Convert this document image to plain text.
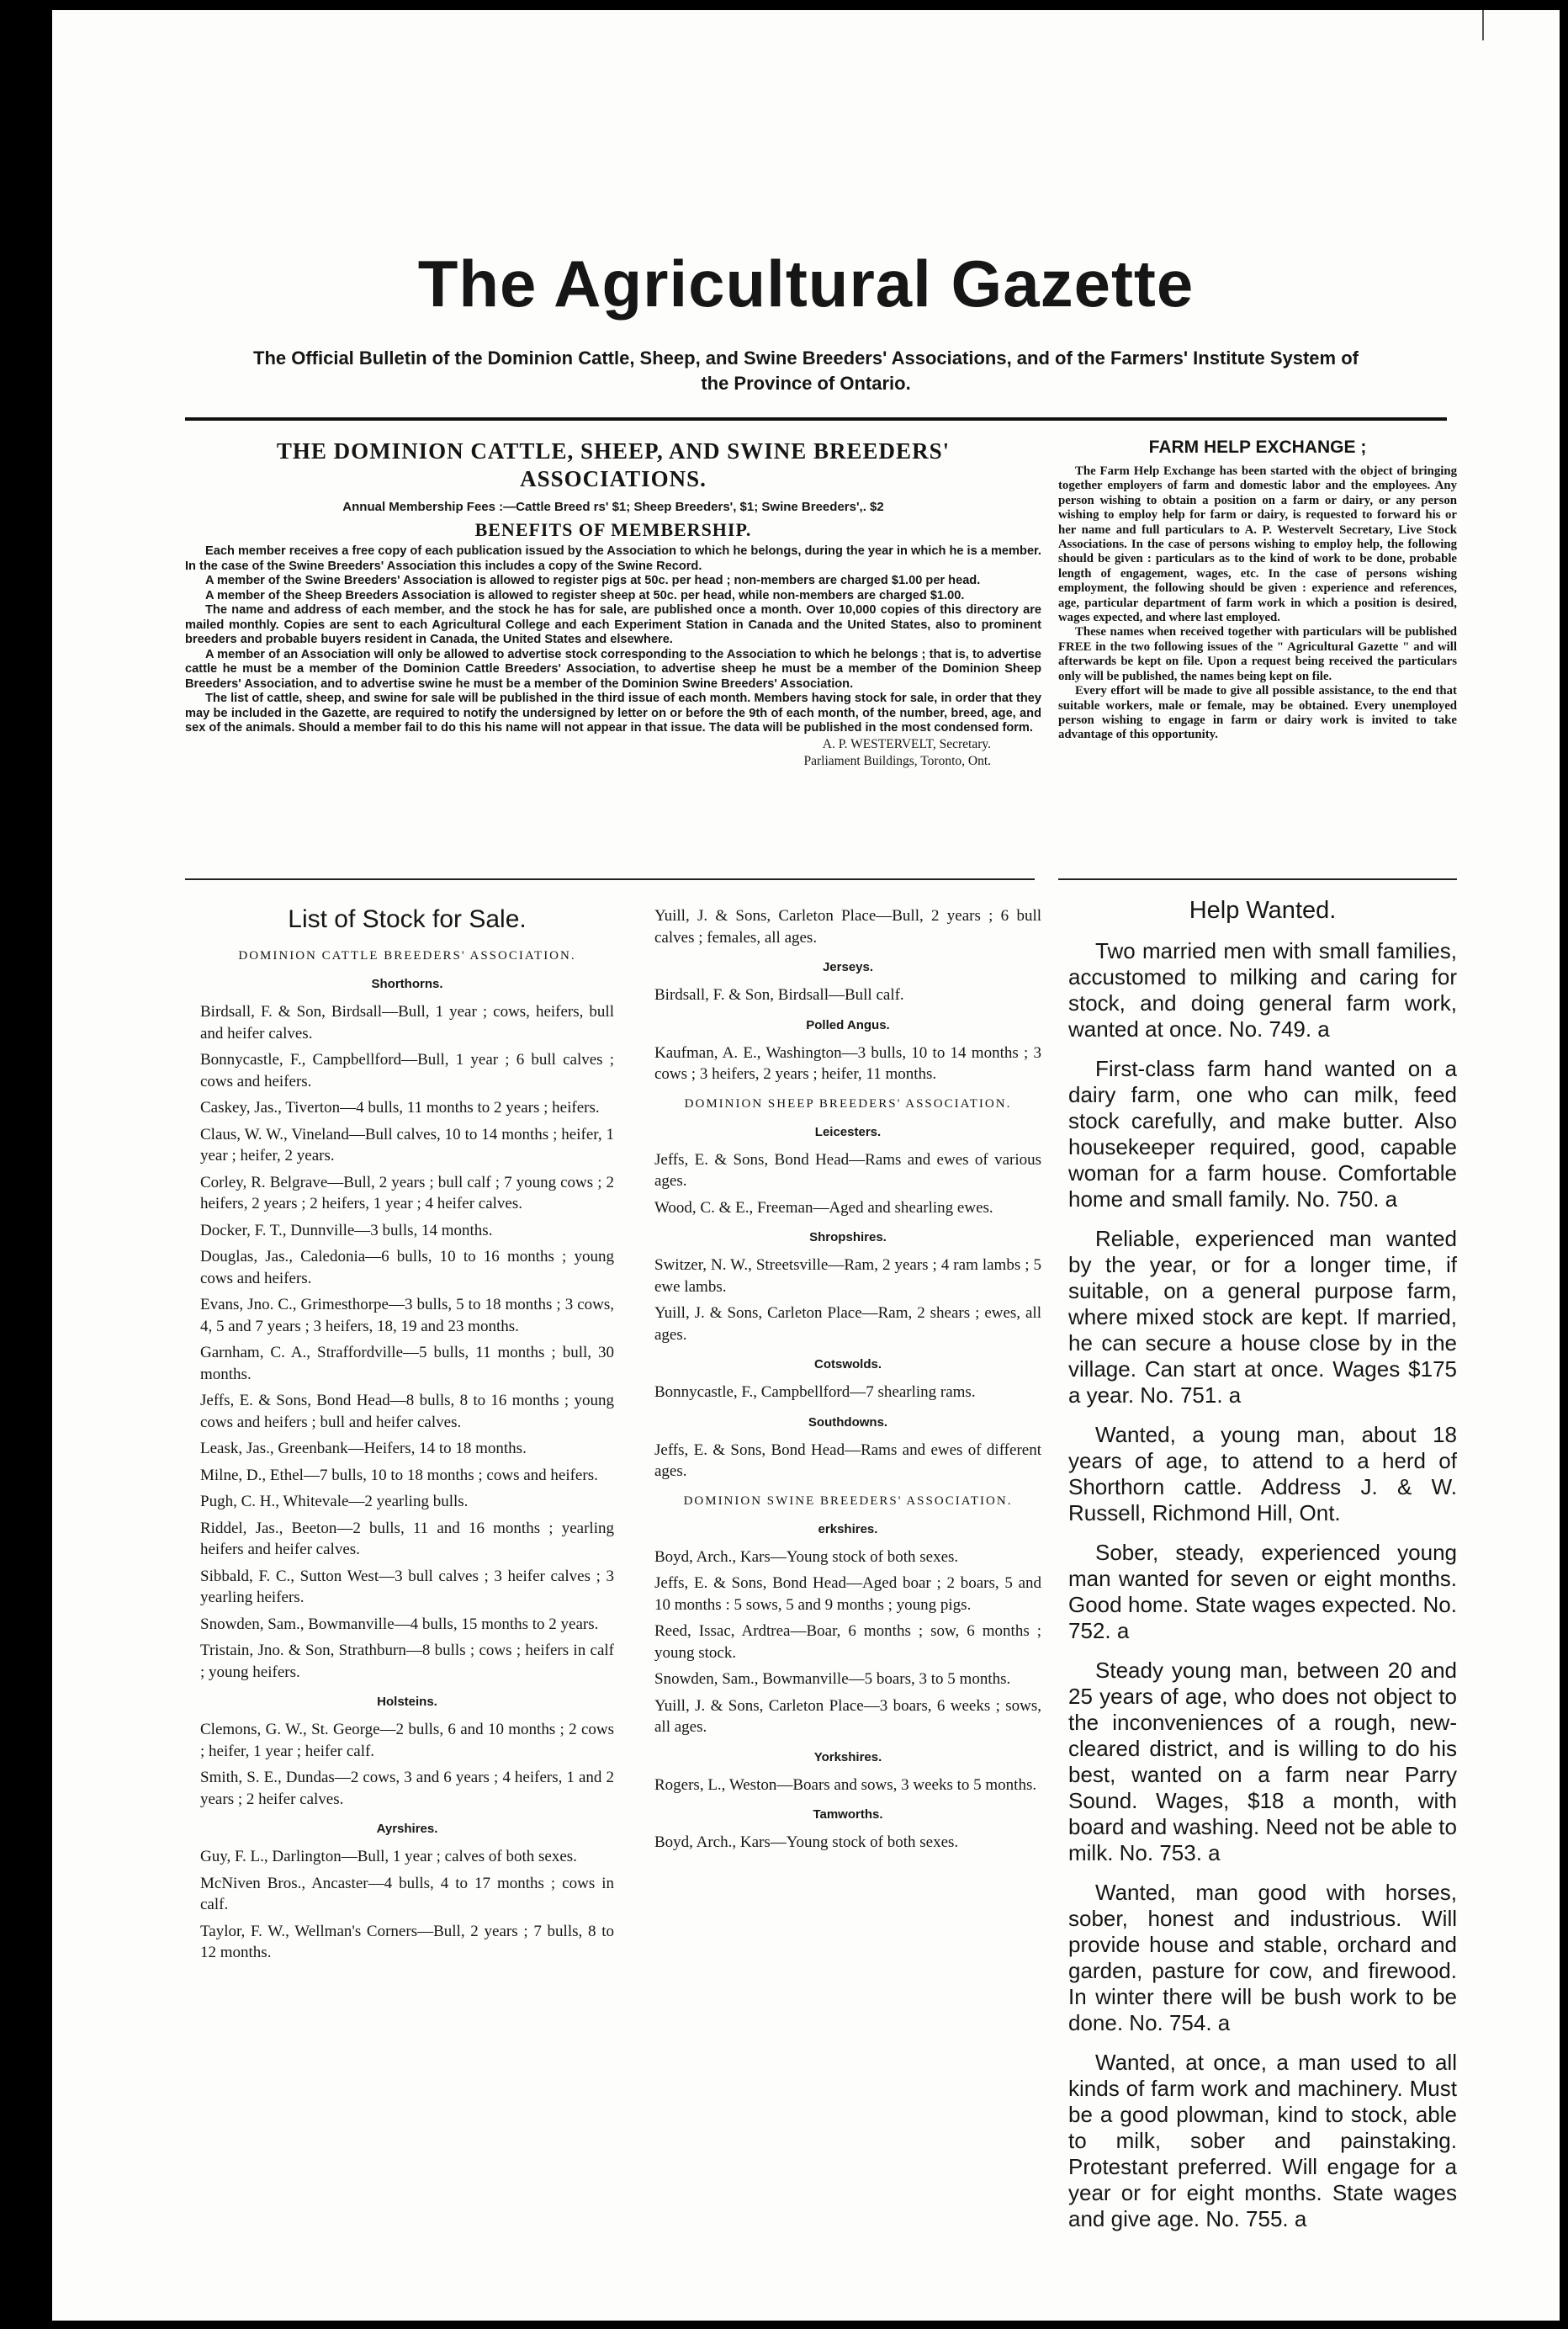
The Agricultural Gazette
The Official Bulletin of the Dominion Cattle, Sheep, and Swine Breeders' Associations, and of the Farmers' Institute System of the Province of Ontario.
THE DOMINION CATTLE, SHEEP, AND SWINE BREEDERS' ASSOCIATIONS.
Annual Membership Fees :—Cattle Breed rs' $1; Sheep Breeders', $1; Swine Breeders',. $2
BENEFITS OF MEMBERSHIP.

Each member receives a free copy of each publication issued by the Association to which he belongs, during the year in which he is a member. In the case of the Swine Breeders' Association this includes a copy of the Swine Record.

A member of the Swine Breeders' Association is allowed to register pigs at 50c. per head ; non-members are charged $1.00 per head.

A member of the Sheep Breeders Association is allowed to register sheep at 50c. per head, while non-members are charged $1.00.

The name and address of each member, and the stock he has for sale, are published once a month. Over 10,000 copies of this directory are mailed monthly. Copies are sent to each Agricultural College and each Experiment Station in Canada and the United States, also to prominent breeders and probable buyers resident in Canada, the United States and elsewhere.

A member of an Association will only be allowed to advertise stock corresponding to the Association to which he belongs ; that is, to advertise cattle he must be a member of the Dominion Cattle Breeders' Association, to advertise sheep he must be a member of the Dominion Sheep Breeders' Association, and to advertise swine he must be a member of the Dominion Swine Breeders' Association.

The list of cattle, sheep, and swine for sale will be published in the third issue of each month. Members having stock for sale, in order that they may be included in the Gazette, are required to notify the undersigned by letter on or before the 9th of each month, of the number, breed, age, and sex of the animals. Should a member fail to do this his name will not appear in that issue. The data will be published in the most condensed form.

A. P. WESTERVELT, Secretary.
Parliament Buildings, Toronto, Ont.
FARM HELP EXCHANGE ;

The Farm Help Exchange has been started with the object of bringing together employers of farm and domestic labor and the employees. Any person wishing to obtain a position on a farm or dairy, or any person wishing to employ help for farm or dairy, is requested to forward his or her name and full particulars to A. P. Westervelt Secretary, Live Stock Associations. In the case of persons wishing to employ help, the following should be given : particulars as to the kind of work to be done, probable length of engagement, wages, etc. In the case of persons wishing employment, the following should be given : experience and references, age, particular department of farm work in which a position is desired, wages expected, and where last employed.

These names when received together with particulars will be published FREE in the two following issues of the " Agricultural Gazette " and will afterwards be kept on file. Upon a request being received the particulars only will be published, the names being kept on file.

Every effort will be made to give all possible assistance, to the end that suitable workers, male or female, may be obtained. Every unemployed person wishing to engage in farm or dairy work is invited to take advantage of this opportunity.

List of Stock for Sale.
DOMINION CATTLE BREEDERS' ASSOCIATION.
Shorthorns.

Birdsall, F. & Son, Birdsall—Bull, 1 year ; cows, heifers, bull and heifer calves.

Bonnycastle, F., Campbellford—Bull, 1 year ; 6 bull calves ; cows and heifers.

Caskey, Jas., Tiverton—4 bulls, 11 months to 2 years ; heifers.

Claus, W. W., Vineland—Bull calves, 10 to 14 months ; heifer, 1 year ; heifer, 2 years.

Corley, R. Belgrave—Bull, 2 years ; bull calf ; 7 young cows ; 2 heifers, 2 years ; 2 heifers, 1 year ; 4 heifer calves.

Docker, F. T., Dunnville—3 bulls, 14 months.

Douglas, Jas., Caledonia—6 bulls, 10 to 16 months ; young cows and heifers.

Evans, Jno. C., Grimesthorpe—3 bulls, 5 to 18 months ; 3 cows, 4, 5 and 7 years ; 3 heifers, 18, 19 and 23 months.

Garnham, C. A., Straffordville—5 bulls, 11 months ; bull, 30 months.

Jeffs, E. & Sons, Bond Head—8 bulls, 8 to 16 months ; young cows and heifers ; bull and heifer calves.

Leask, Jas., Greenbank—Heifers, 14 to 18 months.

Milne, D., Ethel—7 bulls, 10 to 18 months ; cows and heifers.

Pugh, C. H., Whitevale—2 yearling bulls.

Riddel, Jas., Beeton—2 bulls, 11 and 16 months ; yearling heifers and heifer calves.

Sibbald, F. C., Sutton West—3 bull calves ; 3 heifer calves ; 3 yearling heifers.

Snowden, Sam., Bowmanville—4 bulls, 15 months to 2 years.

Tristain, Jno. & Son, Strathburn—8 bulls ; cows ; heifers in calf ; young heifers.

Holsteins.

Clemons, G. W., St. George—2 bulls, 6 and 10 months ; 2 cows ; heifer, 1 year ; heifer calf.

Smith, S. E., Dundas—2 cows, 3 and 6 years ; 4 heifers, 1 and 2 years ; 2 heifer calves.

Ayrshires.

Guy, F. L., Darlington—Bull, 1 year ; calves of both sexes.

McNiven Bros., Ancaster—4 bulls, 4 to 17 months ; cows in calf.

Taylor, F. W., Wellman's Corners—Bull, 2 years ; 7 bulls, 8 to 12 months.

Yuill, J. & Sons, Carleton Place—Bull, 2 years ; 6 bull calves ; females, all ages.

Jerseys.

Birdsall, F. & Son, Birdsall—Bull calf.

Polled Angus.

Kaufman, A. E., Washington—3 bulls, 10 to 14 months ; 3 cows ; 3 heifers, 2 years ; heifer, 11 months.

DOMINION SHEEP BREEDERS' ASSOCIATION.
Leicesters.

Jeffs, E. & Sons, Bond Head—Rams and ewes of various ages.

Wood, C. & E., Freeman—Aged and shearling ewes.

Shropshires.

Switzer, N. W., Streetsville—Ram, 2 years ; 4 ram lambs ; 5 ewe lambs.

Yuill, J. & Sons, Carleton Place—Ram, 2 shears ; ewes, all ages.

Cotswolds.

Bonnycastle, F., Campbellford—7 shearling rams.

Southdowns.

Jeffs, E. & Sons, Bond Head—Rams and ewes of different ages.

DOMINION SWINE BREEDERS' ASSOCIATION.
erkshires.

Boyd, Arch., Kars—Young stock of both sexes.

Jeffs, E. & Sons, Bond Head—Aged boar ; 2 boars, 5 and 10 months : 5 sows, 5 and 9 months ; young pigs.

Reed, Issac, Ardtrea—Boar, 6 months ; sow, 6 months ; young stock.

Snowden, Sam., Bowmanville—5 boars, 3 to 5 months.

Yuill, J. & Sons, Carleton Place—3 boars, 6 weeks ; sows, all ages.

Yorkshires.

Rogers, L., Weston—Boars and sows, 3 weeks to 5 months.

Tamworths.

Boyd, Arch., Kars—Young stock of both sexes.

Help Wanted.

Two married men with small families, accustomed to milking and caring for stock, and doing general farm work, wanted at once. No. 749. a

First-class farm hand wanted on a dairy farm, one who can milk, feed stock carefully, and make butter. Also housekeeper required, good, capable woman for a farm house. Comfortable home and small family. No. 750. a

Reliable, experienced man wanted by the year, or for a longer time, if suitable, on a general purpose farm, where mixed stock are kept. If married, he can secure a house close by in the village. Can start at once. Wages $175 a year. No. 751. a

Wanted, a young man, about 18 years of age, to attend to a herd of Shorthorn cattle. Address J. & W. Russell, Richmond Hill, Ont.

Sober, steady, experienced young man wanted for seven or eight months. Good home. State wages expected. No. 752. a

Steady young man, between 20 and 25 years of age, who does not object to the inconveniences of a rough, new-cleared district, and is willing to do his best, wanted on a farm near Parry Sound. Wages, $18 a month, with board and washing. Need not be able to milk. No. 753. a

Wanted, man good with horses, sober, honest and industrious. Will provide house and stable, orchard and garden, pasture for cow, and firewood. In winter there will be bush work to be done. No. 754. a

Wanted, at once, a man used to all kinds of farm work and machinery. Must be a good plowman, kind to stock, able to milk, sober and painstaking. Protestant preferred. Will engage for a year or for eight months. State wages and give age. No. 755. a
